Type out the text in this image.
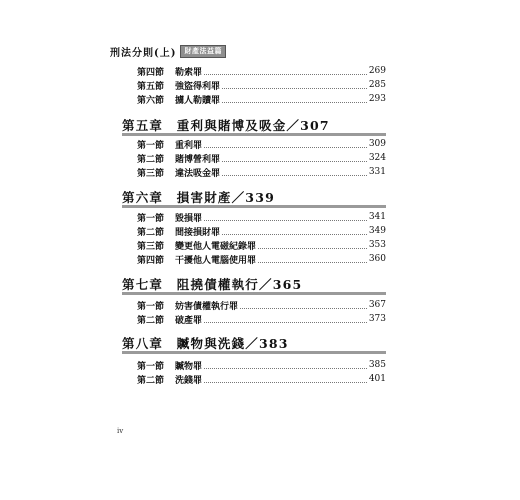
刑法分則(上)	財產法益篇
第四節	勒索罪	269
第五節	強盜得利罪	285
第六節	擄人勒贖罪	293
第五章　重利與賭博及吸金／307
第一節	重利罪	309
第二節	賭博營利罪	324
第三節	違法吸金罪	331
第六章　損害財產／339
第一節	毀損罪	341
第二節	間接損財罪	349
第三節	變更他人電磁紀錄罪	353
第四節	干擾他人電腦使用罪	360
第七章　阻撓債權執行／365
第一節	妨害債權執行罪	367
第二節	破產罪	373
第八章　贓物與洗錢／383
第一節	贓物罪	385
第二節	洗錢罪	401
iv
